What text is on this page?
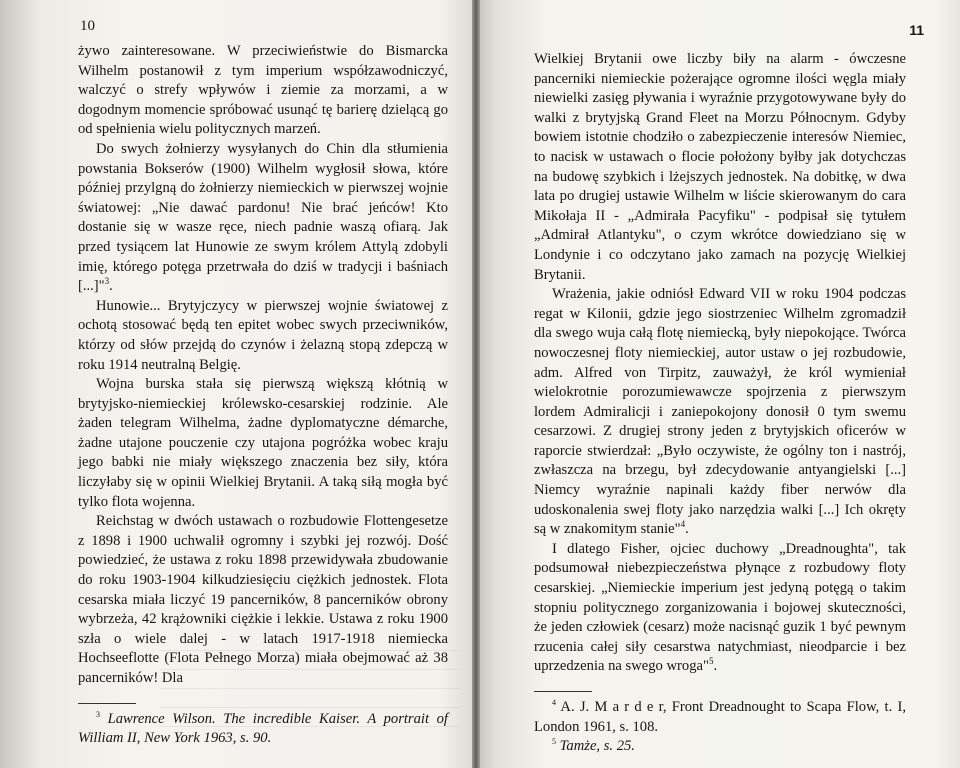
10

żywo zainteresowane. W przeciwieństwie do Bismarcka Wilhelm postanowił z tym imperium współzawodniczyć, walczyć o strefy wpływów i ziemie za morzami, a w dogodnym momencie spróbować usunąć tę barierę dzielącą go od spełnienia wielu politycznych marzeń.

Do swych żołnierzy wysyłanych do Chin dla stłumienia powstania Bokserów (1900) Wilhelm wygłosił słowa, które później przylgną do żołnierzy niemieckich w pierwszej wojnie światowej: „Nie dawać pardonu! Nie brać jeńców! Kto dostanie się w wasze ręce, niech padnie waszą ofiarą. Jak przed tysiącem lat Hunowie ze swym królem Attylą zdobyli imię, którego potęga przetrwała do dziś w tradycji i baśniach [...]"$^3$.

Hunowie... Brytyjczycy w pierwszej wojnie światowej z ochotą stosować będą ten epitet wobec swych przeciwników, którzy od słów przejdą do czynów i żelazną stopą zdepczą w roku 1914 neutralną Belgię.

Wojna burska stała się pierwszą większą kłótnią w brytyjsko-niemieckiej królewsko-cesarskiej rodzinie. Ale żaden telegram Wilhelma, żadne dyplomatyczne démarche, żadne utajone pouczenie czy utajona pogróżka wobec kraju jego babki nie miały większego znaczenia bez siły, która liczyłaby się w opinii Wielkiej Brytanii. A taką siłą mogła być tylko flota wojenna.

Reichstag w dwóch ustawach o rozbudowie Flottengesetze z 1898 i 1900 uchwalił ogromny i szybki jej rozwój. Dość powiedzieć, że ustawa z roku 1898 przewidywała zbudowanie do roku 1903-1904 kilkudziesięciu ciężkich jednostek. Flota cesarska miała liczyć 19 pancerników, 8 pancerników obrony wybrzeża, 42 krążowniki ciężkie i lekkie. Ustawa z roku 1900 szła o wiele dalej - w latach 1917-1918 niemiecka Hochseeflotte (Flota Pełnego Morza) miała obejmować aż 38 pancerników! Dla

$^3$ Lawrence Wilson. The incredible Kaiser. A portrait of William II, New York 1963, s. 90.

11

Wielkiej Brytanii owe liczby biły na alarm - ówczesne pancerniki niemieckie pożerające ogromne ilości węgla miały niewielki zasięg pływania i wyraźnie przygotowywane były do walki z brytyjską Grand Fleet na Morzu Północnym. Gdyby bowiem istotnie chodziło o zabezpieczenie interesów Niemiec, to nacisk w ustawach o flocie położony byłby jak dotychczas na budowę szybkich i lżejszych jednostek. Na dobitkę, w dwa lata po drugiej ustawie Wilhelm w liście skierowanym do cara Mikołaja II - „Admirała Pacyfiku" - podpisał się tytułem „Admirał Atlantyku", o czym wkrótce dowiedziano się w Londynie i co odczytano jako zamach na pozycję Wielkiej Brytanii.

Wrażenia, jakie odniósł Edward VII w roku 1904 podczas regat w Kilonii, gdzie jego siostrzeniec Wilhelm zgromadził dla swego wuja całą flotę niemiecką, były niepokojące. Twórca nowoczesnej floty niemieckiej, autor ustaw o jej rozbudowie, adm. Alfred von Tirpitz, zauważył, że król wymieniał wielokrotnie porozumiewawcze spojrzenia z pierwszym lordem Admiralicji i zaniepokojony donosił 0 tym swemu cesarzowi. Z drugiej strony jeden z brytyjskich oficerów w raporcie stwierdzał: „Było oczywiste, że ogólny ton i nastrój, zwłaszcza na brzegu, był zdecydowanie antyangielski [...] Niemcy wyraźnie napinali każdy fiber nerwów dla udoskonalenia swej floty jako narzędzia walki [...] Ich okręty są w znakomitym stanie"$^4$.

I dlatego Fisher, ojciec duchowy „Dreadnoughta", tak podsumował niebezpieczeństwa płynące z rozbudowy floty cesarskiej. „Niemieckie imperium jest jedyną potęgą o takim stopniu politycznego zorganizowania i bojowej skuteczności, że jeden człowiek (cesarz) może nacisnąć guzik 1 być pewnym rzucenia całej siły cesarstwa natychmiast, nieodparcie i bez uprzedzenia na swego wroga"$^5$.

$^4$ A. J. M a r d e r, Front Dreadnought to Scapa Flow, t. I, London 1961, s. 108.

$^5$ Tamże, s. 25.
